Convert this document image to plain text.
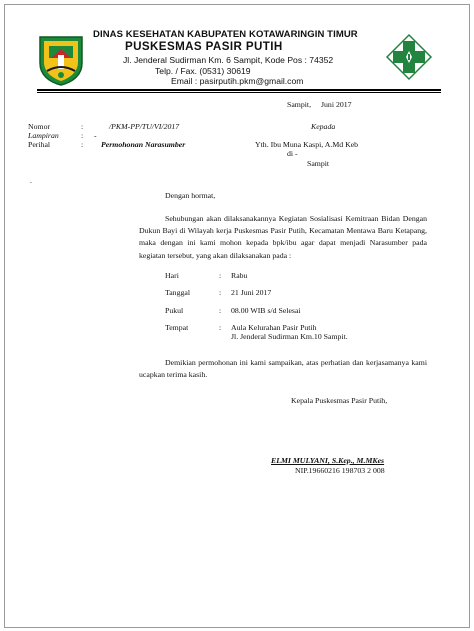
DINAS KESEHATAN KABUPATEN KOTAWARINGIN TIMUR
PUSKESMAS PASIR PUTIH
Jl. Jenderal Sudirman Km. 6 Sampit, Kode Pos : 74352
Telp. / Fax. (0531) 30619
Email : pasirputih.pkm@gmail.com
Sampit, Juni 2017
Nomor	:	/PKM-PP/TU/VI/2017
Lampiran	: -
Perihal	: Permohonan Narasumber
Kepada
Yth. Ibu Muna Kaspi, A.Md Keb
di -
Sampit
.
Dengan hormat,
Sehubungan akan dilaksanakannya Kegiatan Sosialisasi Kemitraan Bidan Dengan Dukun Bayi di Wilayah kerja Puskesmas Pasir Putih, Kecamatan Mentawa Baru Ketapang, maka dengan ini kami mohon kepada bpk/ibu agar dapat menjadi Narasumber pada kegiatan tersebut, yang akan dilaksanakan pada :
Hari	: Rabu
Tanggal	: 21 Juni 2017
Pukul	: 08.00 WIB s/d Selesai
Tempat	: Aula Kelurahan Pasir Putih
Jl. Jenderal Sudirman Km.10 Sampit.
Demikian permohonan ini kami sampaikan, atas perhatian dan kerjasamanya kami ucapkan terima kasih.
Kepala Puskesmas Pasir Putih,
ELMI MULYANI, S.Kep., M.MKes
NIP.19660216 198703 2 008
